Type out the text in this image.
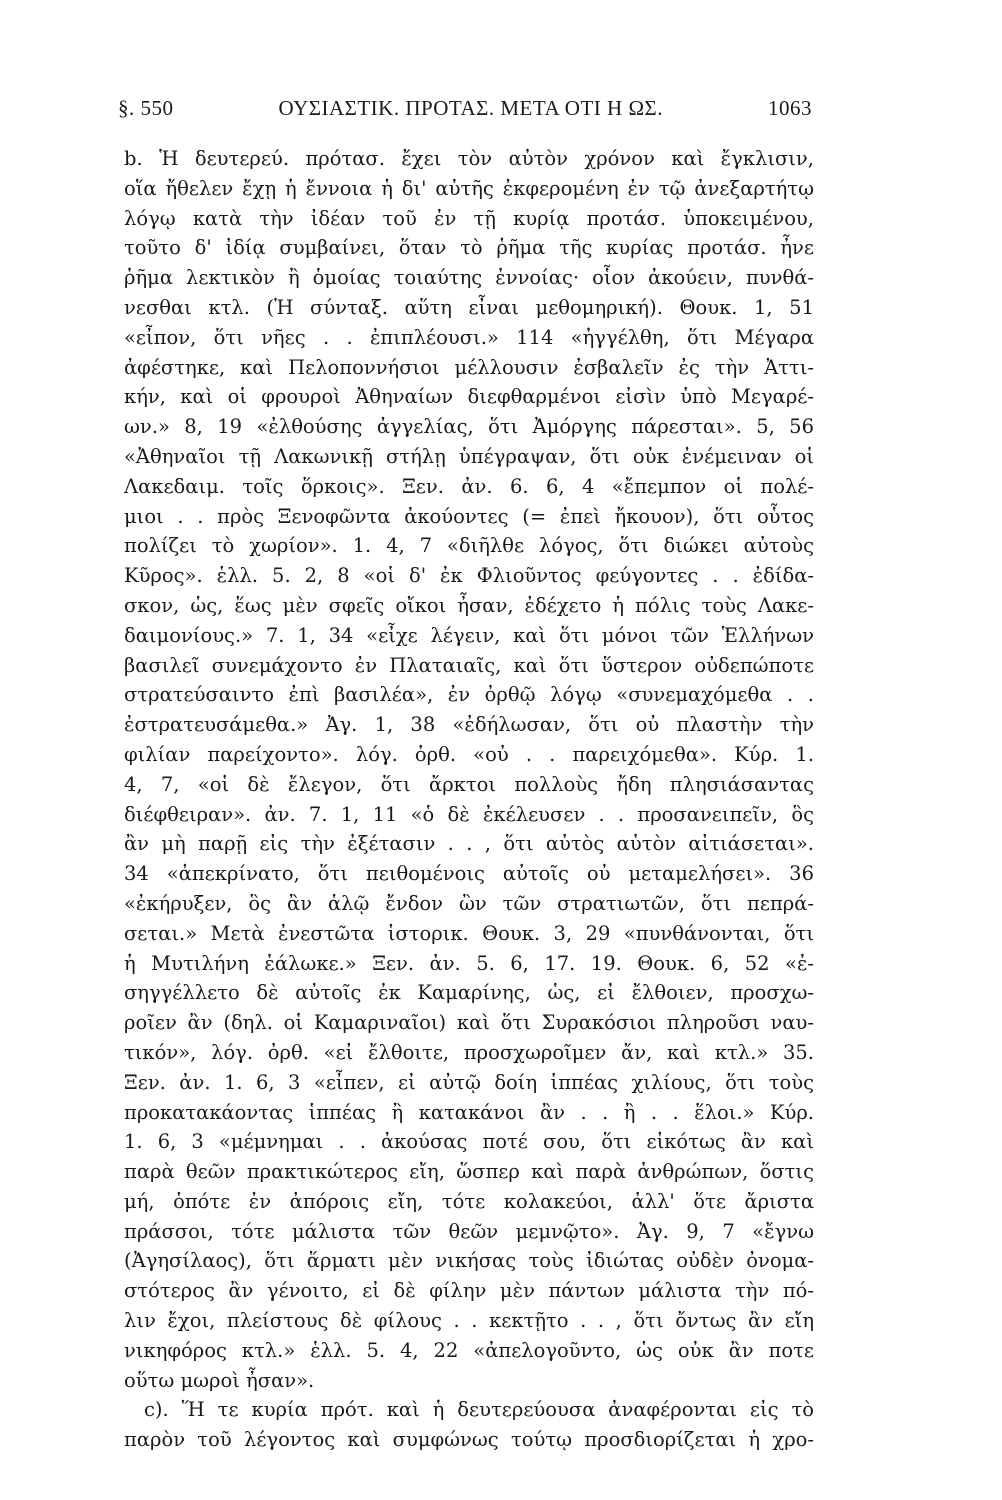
§. 550	ΟΥΣΙΑΣΤΙΚ. ΠΡΟΤΑΣ. ΜΕΤΑ ΟΤΙ Η ΩΣ.	1063
b. Ἡ δευτερεύ. πρότασ. ἔχει τὸν αὐτὸν χρόνον καὶ ἔγκλισιν,
οἵα ἤθελεν ἔχῃ ἡ ἔννοια ἡ δι' αὐτῆς ἐκφερομένη ἐν τῷ ἀνεξαρτήτῳ
λόγῳ κατὰ τὴν ἰδέαν τοῦ ἐν τῇ κυρίᾳ προτάσ. ὑποκειμένου,
τοῦτο δ' ἰδίᾳ συμβαίνει, ὅταν τὸ ῥῆμα τῆς κυρίας προτάσ. ἦνε
ῥῆμα λεκτικὸν ἢ ὁμοίας τοιαύτης ἐννοίας· οἷον ἀκούειν, πυνθά-
νεσθαι κτλ. (Ἡ σύνταξ. αὕτη εἶναι μεθομηρική). Θουκ. 1, 51
«εἶπον, ὅτι νῆες . . ἐπιπλέουσι.» 114 «ἠγγέλθη, ὅτι Μέγαρα
ἀφέστηκε, καὶ Πελοποννήσιοι μέλλουσιν ἐσβαλεῖν ἐς τὴν Ἀττι-
κήν, καὶ οἱ φρουροὶ Ἀθηναίων διεφθαρμένοι εἰσὶν ὑπὸ Μεγαρέ-
ων.» 8, 19 «ἐλθούσης ἀγγελίας, ὅτι Ἀμόργης πάρεσται». 5, 56
«Ἀθηναῖοι τῇ Λακωνικῇ στήλῃ ὑπέγραψαν, ὅτι οὐκ ἐνέμειναν οἱ
Λακεδαιμ. τοῖς ὅρκοις». Ξεν. ἀν. 6. 6, 4 «ἔπεμπον οἱ πολέ-
μιοι . . πρὸς Ξενοφῶντα ἀκούοντες (= ἐπεὶ ἤκουον), ὅτι οὗτος
πολίζει τὸ χωρίον». 1. 4, 7 «διῆλθε λόγος, ὅτι διώκει αὐτοὺς
Κῦρος». ἑλλ. 5. 2, 8 «οἱ δ' ἐκ Φλιοῦντος φεύγοντες . . ἐδίδα-
σκον, ὡς, ἕως μὲν σφεῖς οἴκοι ἦσαν, ἐδέχετο ἡ πόλις τοὺς Λακε-
δαιμονίους.» 7. 1, 34 «εἶχε λέγειν, καὶ ὅτι μόνοι τῶν Ἑλλήνων
βασιλεῖ συνεμάχοντο ἐν Πλαταιαῖς, καὶ ὅτι ὕστερον οὐδεπώποτε
στρατεύσαιντο ἐπὶ βασιλέα», ἐν ὀρθῷ λόγῳ «συνεμαχόμεθα . .
ἐστρατευσάμεθα.» Ἀγ. 1, 38 «ἐδήλωσαν, ὅτι οὐ πλαστὴν τὴν
φιλίαν παρείχοντο». λόγ. ὀρθ. «οὐ . . παρειχόμεθα». Κύρ. 1.
4, 7, «οἱ δὲ ἔλεγον, ὅτι ἄρκτοι πολλοὺς ἤδη πλησιάσαντας
διέφθειραν». ἀν. 7. 1, 11 «ὁ δὲ ἐκέλευσεν . . προσανειπεῖν, ὃς
ἂν μὴ παρῇ εἰς τὴν ἐξέτασιν . . , ὅτι αὐτὸς αὐτὸν αἰτιάσεται».
34 «ἀπεκρίνατο, ὅτι πειθομένοις αὐτοῖς οὐ μεταμελήσει». 36
«ἐκήρυξεν, ὃς ἂν ἁλῷ ἔνδον ὢν τῶν στρατιωτῶν, ὅτι πεπρά-
σεται.» Μετὰ ἐνεστῶτα ἱστορικ. Θουκ. 3, 29 «πυνθάνονται, ὅτι
ἡ Μυτιλήνη ἑάλωκε.» Ξεν. ἀν. 5. 6, 17. 19. Θουκ. 6, 52 «ἐ-
σηγγέλλετο δὲ αὐτοῖς ἐκ Καμαρίνης, ὡς, εἰ ἔλθοιεν, προσχω-
ροῖεν ἂν (δηλ. οἱ Καμαριναῖοι) καὶ ὅτι Συρακόσιοι πληροῦσι ναυ-
τικόν», λόγ. ὀρθ. «εἰ ἔλθοιτε, προσχωροῖμεν ἄν, καὶ κτλ.» 35.
Ξεν. ἀν. 1. 6, 3 «εἶπεν, εἰ αὐτῷ δοίη ἱππέας χιλίους, ὅτι τοὺς
προκατακάοντας ἱππέας ἢ κατακάνοι ἂν . . ἢ . . ἕλοι.» Κύρ.
1. 6, 3 «μέμνημαι . . ἀκούσας ποτέ σου, ὅτι εἰκότως ἂν καὶ
παρὰ θεῶν πρακτικώτερος εἴη, ὥσπερ καὶ παρὰ ἀνθρώπων, ὅστις
μή, ὁπότε ἐν ἀπόροις εἴη, τότε κολακεύοι, ἀλλ' ὅτε ἄριστα
πράσσοι, τότε μάλιστα τῶν θεῶν μεμνῷτο». Ἀγ. 9, 7 «ἔγνω
(Ἀγησίλαος), ὅτι ἅρματι μὲν νικήσας τοὺς ἰδιώτας οὐδὲν ὀνομα-
στότερος ἂν γένοιτο, εἰ δὲ φίλην μὲν πάντων μάλιστα τὴν πό-
λιν ἔχοι, πλείστους δὲ φίλους . . κεκτῇτο . . , ὅτι ὄντως ἂν εἴη
νικηφόρος κτλ.» ἑλλ. 5. 4, 22 «ἀπελογοῦντο, ὡς οὐκ ἂν ποτε
οὕτω μωροὶ ἦσαν».
c). Ἥ τε κυρία πρότ. καὶ ἡ δευτερεύουσα ἀναφέρονται εἰς τὸ
παρὸν τοῦ λέγοντος καὶ συμφώνως τούτῳ προσδιορίζεται ἡ χρο-
